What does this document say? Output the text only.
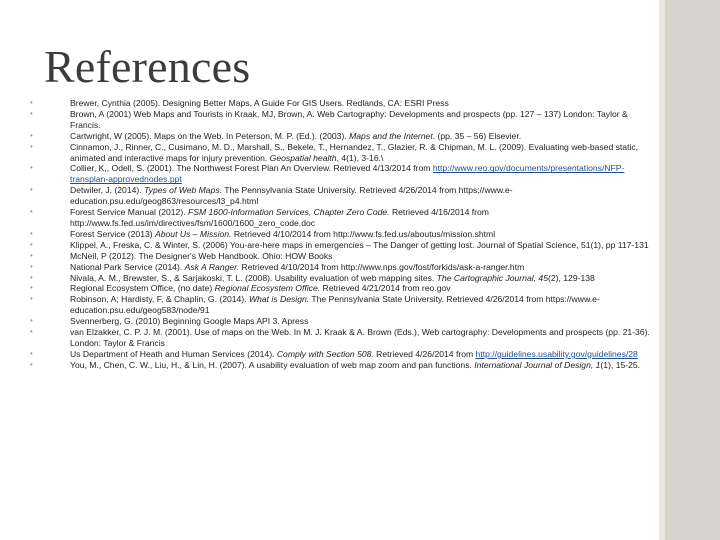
References
• Brewer, Cynthia (2005). Designing Better Maps, A Guide For GIS Users. Redlands, CA: ESRI Press
• Brown, A (2001) Web Maps and Tourists in Kraak, MJ, Brown, A. Web Cartography: Developments and prospects (pp. 127 – 137) London: Taylor & Francis.
• Cartwright, W (2005). Maps on the Web. In Peterson, M. P. (Ed.). (2003). Maps and the Internet. (pp. 35 – 56) Elsevier.
• Cinnamon, J., Rinner, C., Cusimano, M. D., Marshall, S., Bekele, T., Hernandez, T., Glazier, R. & Chipman, M. L. (2009). Evaluating web-based static, animated and interactive maps for injury prevention. Geospatial health, 4(1), 3-16.\
• Collier, K,, Odell, S. (2001). The Northwest Forest Plan An Overview. Retrieved 4/13/2014 from http://www.reo.gov/documents/presentations/NFP-transplan-approvednodes.ppt
• Detwiler, J. (2014). Types of Web Maps. The Pennsylvania State University. Retrieved 4/26/2014 from https://www.e-education.psu.edu/geog863/resources/l3_p4.html
• Forest Service Manual (2012). FSM 1600-Information Services, Chapter Zero Code. Retrieved 4/16/2014 from http://www.fs.fed.us/im/directives/fsm/1600/1600_zero_code.doc
• Forest Service (2013) About Us – Mission. Retrieved 4/10/2014 from http://www.fs.fed.us/aboutus/mission.shtml
• Klippel, A., Freska, C. & Winter, S. (2006) You-are-here maps in emergencies – The Danger of getting lost. Journal of Spatial Science, 51(1), pp 117-131
• McNeil, P (2012). The Designer's Web Handbook. Ohio: HOW Books
• National Park Service (2014). Ask A Ranger. Retrieved 4/10/2014 from http://www.nps.gov/fost/forkids/ask-a-ranger.htm
• Nivala, A. M., Brewster, S., & Sarjakoski, T. L. (2008). Usability evaluation of web mapping sites. The Cartographic Journal, 45(2), 129-138
• Regional Ecosystem Office, (no date) Regional Ecosystem Office. Retrieved 4/21/2014 from reo.gov
• Robinson, A; Hardisty, F, & Chaplin, G. (2014). What is Design. The Pennsylvania State University. Retrieved 4/26/2014 from https://www.e-education.psu.edu/geog583/node/91
• Svennerberg, G. (2010) Beginning Google Maps API 3. Apress
• van Elzakker, C. P. J. M. (2001). Use of maps on the Web. In M. J. Kraak & A. Brown (Eds.), Web cartography: Developments and prospects (pp. 21-36). London: Taylor & Francis
• Us Department of Heath and Human Services (2014). Comply with Section 508. Retrieved 4/26/2014 from http://guidelines.usability.gov/guidelines/28
• You, M., Chen, C. W., Liu, H., & Lin, H. (2007). A usability evaluation of web map zoom and pan functions. International Journal of Design, 1(1), 15-25.
